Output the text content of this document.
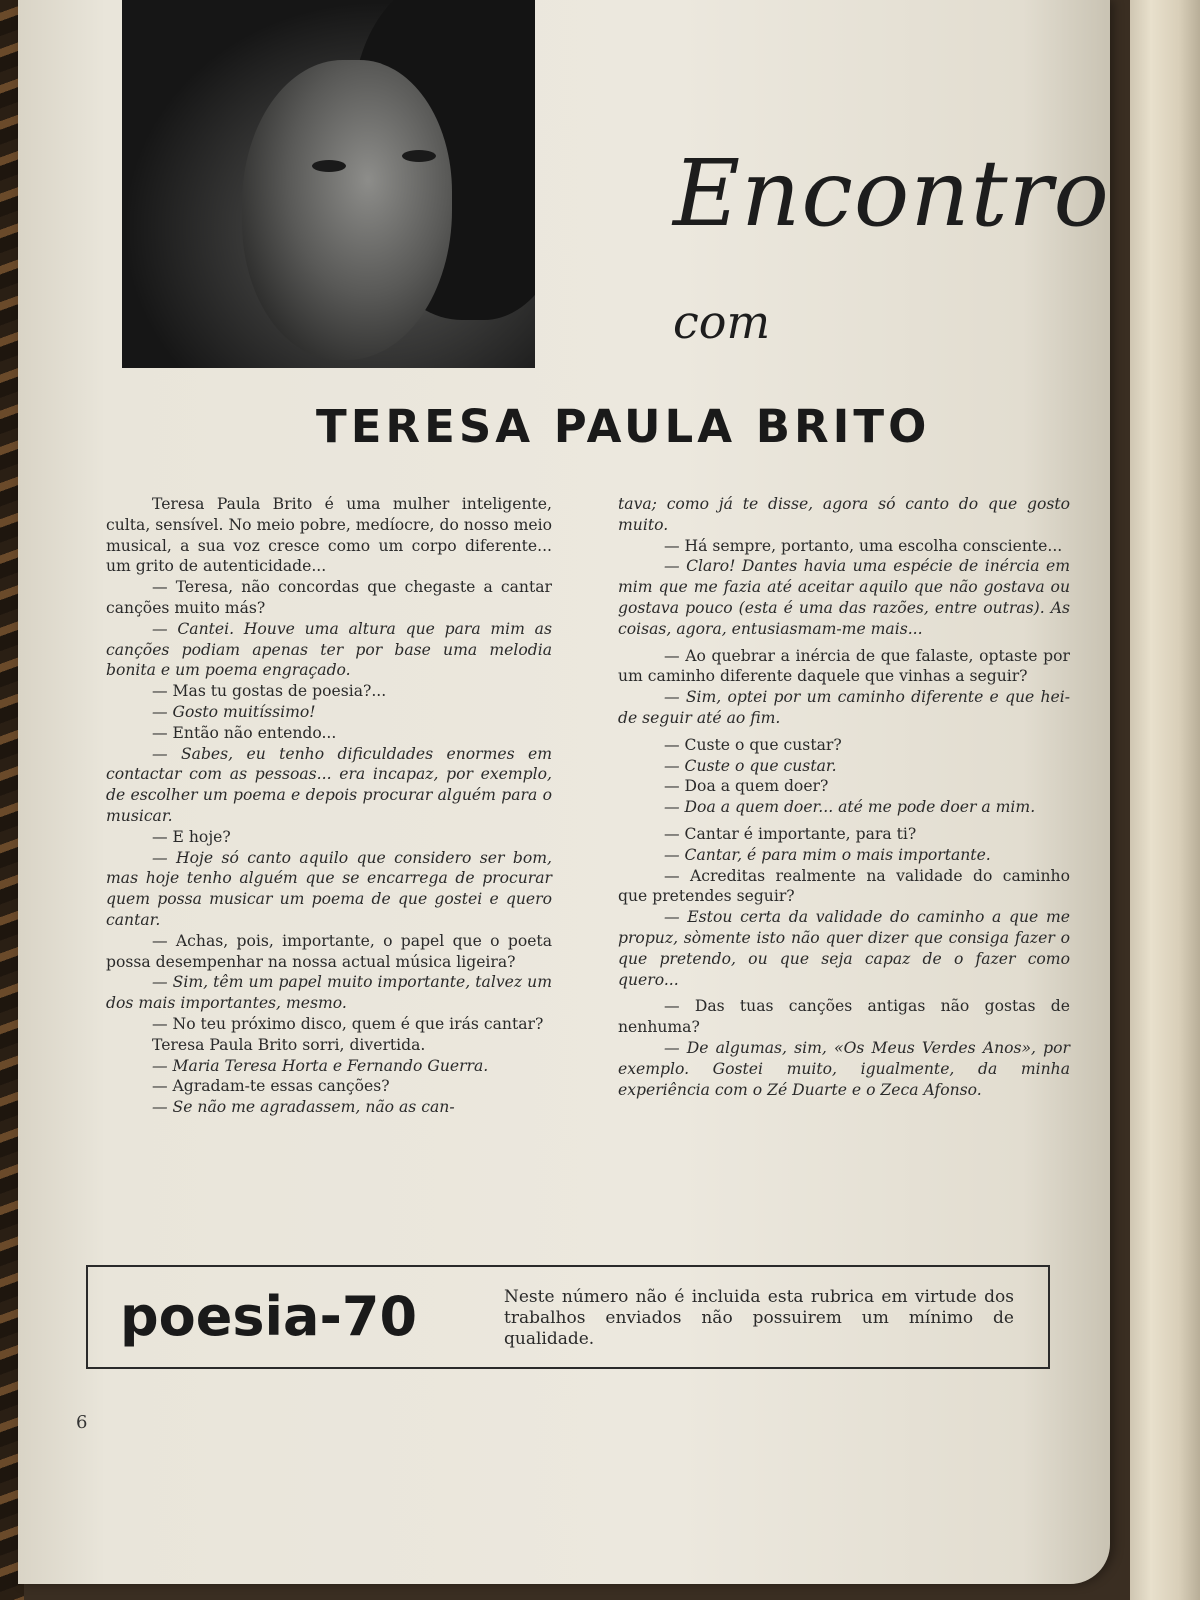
Encontro
com
TERESA PAULA BRITO

Teresa Paula Brito é uma mulher inteligente, culta, sensível. No meio pobre, medíocre, do nosso meio musical, a sua voz cresce como um corpo diferente... um grito de autenticidade...

— Teresa, não concordas que chegaste a cantar canções muito más?

— Cantei. Houve uma altura que para mim as canções podiam apenas ter por base uma melodia bonita e um poema engraçado.

— Mas tu gostas de poesia?...

— Gosto muitíssimo!

— Então não entendo...

— Sabes, eu tenho dificuldades enormes em contactar com as pessoas... era incapaz, por exemplo, de escolher um poema e depois procurar alguém para o musicar.

— E hoje?

— Hoje só canto aquilo que considero ser bom, mas hoje tenho alguém que se encarrega de procurar quem possa musicar um poema de que gostei e quero cantar.

— Achas, pois, importante, o papel que o poeta possa desempenhar na nossa actual música ligeira?

— Sim, têm um papel muito importante, talvez um dos mais importantes, mesmo.

— No teu próximo disco, quem é que irás cantar?

Teresa Paula Brito sorri, divertida.

— Maria Teresa Horta e Fernando Guerra.

— Agradam-te essas canções?

— Se não me agradassem, não as can-

tava; como já te disse, agora só canto do que gosto muito.

— Há sempre, portanto, uma escolha consciente...

— Claro! Dantes havia uma espécie de inércia em mim que me fazia até aceitar aquilo que não gostava ou gostava pouco (esta é uma das razões, entre outras). As coisas, agora, entusiasmam-me mais...

— Ao quebrar a inércia de que falaste, optaste por um caminho diferente daquele que vinhas a seguir?

— Sim, optei por um caminho diferente e que hei-de seguir até ao fim.

— Custe o que custar?

— Custe o que custar.

— Doa a quem doer?

— Doa a quem doer... até me pode doer a mim.

— Cantar é importante, para ti?

— Cantar, é para mim o mais importante.

— Acreditas realmente na validade do caminho que pretendes seguir?

— Estou certa da validade do caminho a que me propuz, sòmente isto não quer dizer que consiga fazer o que pretendo, ou que seja capaz de o fazer como quero...

— Das tuas canções antigas não gostas de nenhuma?

— De algumas, sim, «Os Meus Verdes Anos», por exemplo. Gostei muito, igualmente, da minha experiência com o Zé Duarte e o Zeca Afonso.

poesia-70	Neste número não é incluida esta rubrica em virtude dos trabalhos enviados não possuirem um mínimo de qualidade.
6
